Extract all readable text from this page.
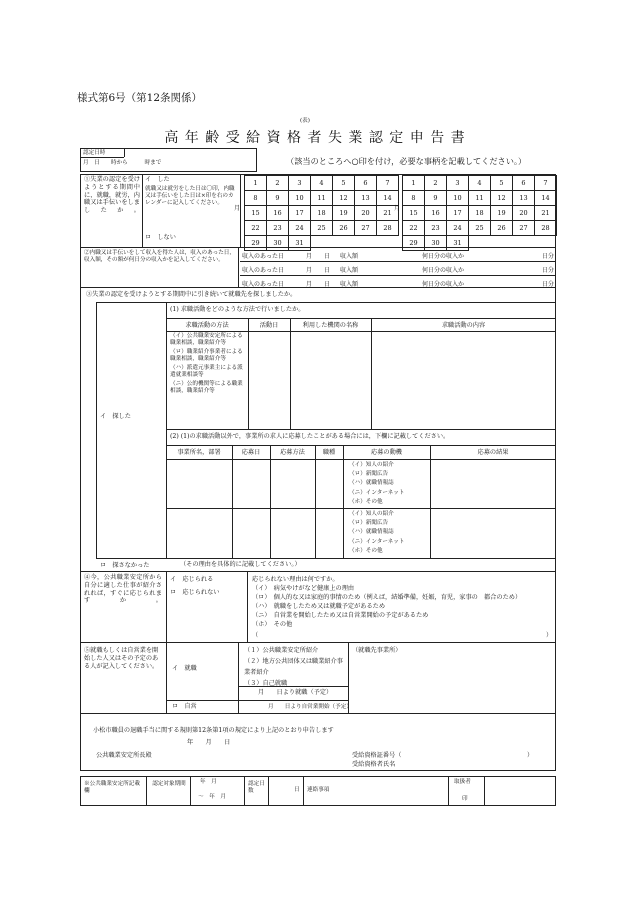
様式第6号（第12条関係）
(表)
高 年 齢 受 給 資 格 者 失 業 認 定 申 告 書
認定日時
月　日　　時から　　　時まで	（該当のところへ○印を付け，必要な事柄を記載してください。）
①失業の認定を受けようとする期間中に，就職，就労，内職又は手伝いをしましたか。
イ　した
就職又は就労をした日は〇印，内職又は手伝いをした日は×印を右のカレンダーに記入してください。
ロ　しない
月
1	2	3	4	5	6	7
8	9	10	11	12	13	14
15	16	17	18	19	20	21
22	23	24	25	26	27	28
29	30	31				
月
1	2	3	4	5	6	7
8	9	10	11	12	13	14
15	16	17	18	19	20	21
22	23	24	25	26	27	28
29	30	31				
②内職又は手伝いをして収入を得た人は，収入のあった日，収入額，その額が何日分の収入かを記入してください。	収入のあった日	月 日 収入額	何日分の収入か	日分
収入のあった日	月 日 収入額	何日分の収入か	日分
収入のあった日	月 日 収入額	何日分の収入か	日分
③失業の認定を受けようとする期間中に引き続いて就職先を探しましたか。
イ　探した
(1) 求職活動をどのような方法で行いましたか。
求職活動の方法	活動日	利用した機関の名称	求職活動の内容
（イ）公共職業安定所による職業相談，職業紹介等
（ロ）職業紹介事業者による職業相談，職業紹介等
（ハ）派遣元事業主による派遣就業相談等
（ニ）公的機関等による職業相談，職業紹介等
(2) (1)の求職活動以外で，事業所の求人に応募したことがある場合には，下欄に記載してください。
事業所名，部署	応募日	応募方法	職種	応募の動機	応募の結果
（イ）知人の紹介
（ロ）新聞広告
（ハ）就職情報誌
（ニ）インターネット
（ホ）その他
（イ）知人の紹介
（ロ）新聞広告
（ハ）就職情報誌
（ニ）インターネット
（ホ）その他
ロ　探さなかった	（その理由を具体的に記載してください。）
④今，公共職業安定所から自分に適した仕事が紹介されれば，すぐに応じられますか。
イ　応じられる
ロ　応じられない
応じられない理由は何ですか。
（イ）　病気やけがなど健康上の理由
（ロ）　個人的な又は家庭的事情のため（例えば，結婚準備，妊娠，育児，家事の　都合のため）
（ハ）　就職をしたため又は就職予定があるため
（ニ）　自営業を開始したため又は自営業開始の予定があるため
（ホ）　その他
（	）
⑤就職もしくは自営業を開始した人又はその予定のある人が記入してください。	イ　就職
（１）公共職業安定所紹介
（２）地方公共団体又は職業紹介事業者紹介
（３）自己就職
月　　日より就職（予定）
ロ　自営	月　　日より自営業開始（予定）
（就職先事業所）
小松市職員の退職手当に関する規則第12条第1項の規定により上記のとおり申告します
年　　月　　日
公共職業安定所長殿	受給資格証番号（	）
受給資格者氏名
※公共職業安定所記載欄
認定対象期間	年　月
～　年　月
認定日数	日 連絡事項
取扱者
印
